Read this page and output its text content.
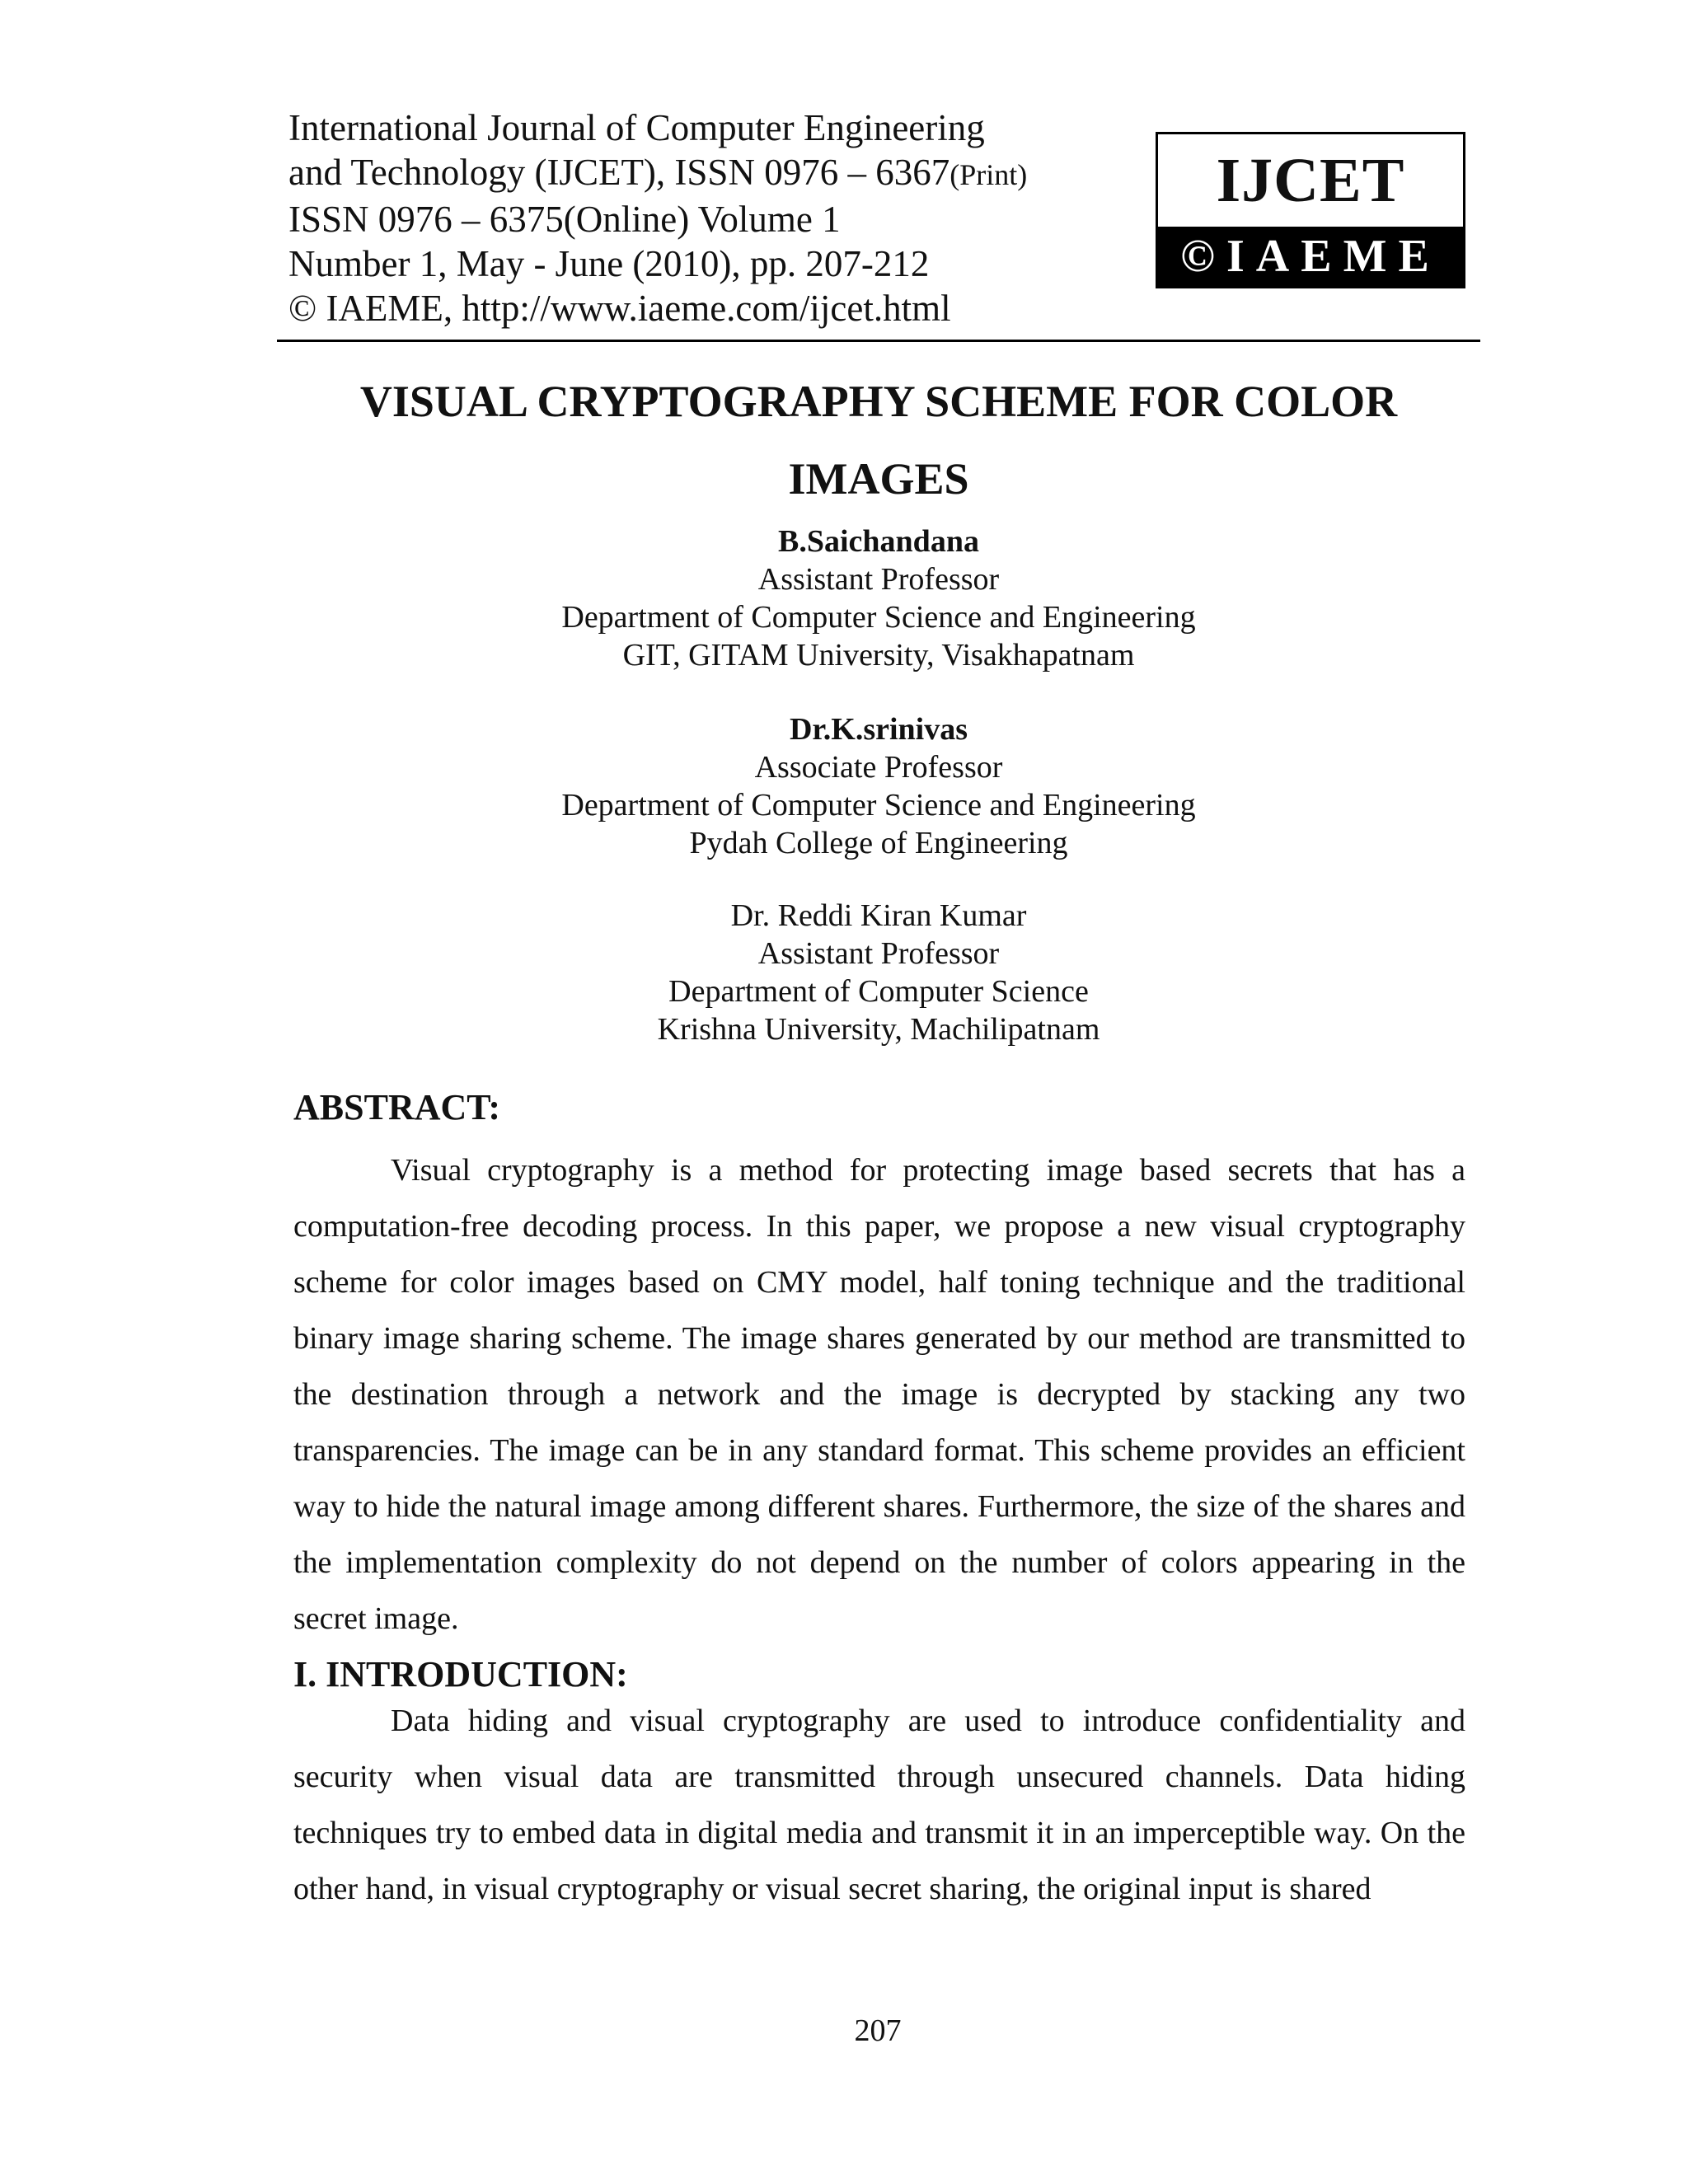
International Journal of Computer Engineering
and Technology (IJCET), ISSN 0976 – 6367(Print)
ISSN 0976 – 6375(Online) Volume 1
Number 1, May - June (2010), pp. 207-212
© IAEME, http://www.iaeme.com/ijcet.html
IJCET
©IAEME
VISUAL CRYPTOGRAPHY SCHEME FOR COLOR
IMAGES
B.Saichandana
Assistant Professor
Department of Computer Science and Engineering
GIT, GITAM University, Visakhapatnam
Dr.K.srinivas
Associate Professor
Department of Computer Science and Engineering
Pydah College of Engineering
Dr. Reddi Kiran Kumar
Assistant Professor
Department of Computer Science
Krishna University, Machilipatnam
ABSTRACT:

Visual cryptography is a method for protecting image based secrets that has a computation-free decoding process. In this paper, we propose a new visual cryptography scheme for color images based on CMY model, half toning technique and the traditional binary image sharing scheme. The image shares generated by our method are transmitted to the destination through a network and the image is decrypted by stacking any two transparencies. The image can be in any standard format. This scheme provides an efficient way to hide the natural image among different shares. Furthermore, the size of the shares and the implementation complexity do not depend on the number of colors appearing in the secret image.

I. INTRODUCTION:

Data hiding and visual cryptography are used to introduce confidentiality and security when visual data are transmitted through unsecured channels. Data hiding techniques try to embed data in digital media and transmit it in an imperceptible way. On the other hand, in visual cryptography or visual secret sharing, the original input is shared

207
